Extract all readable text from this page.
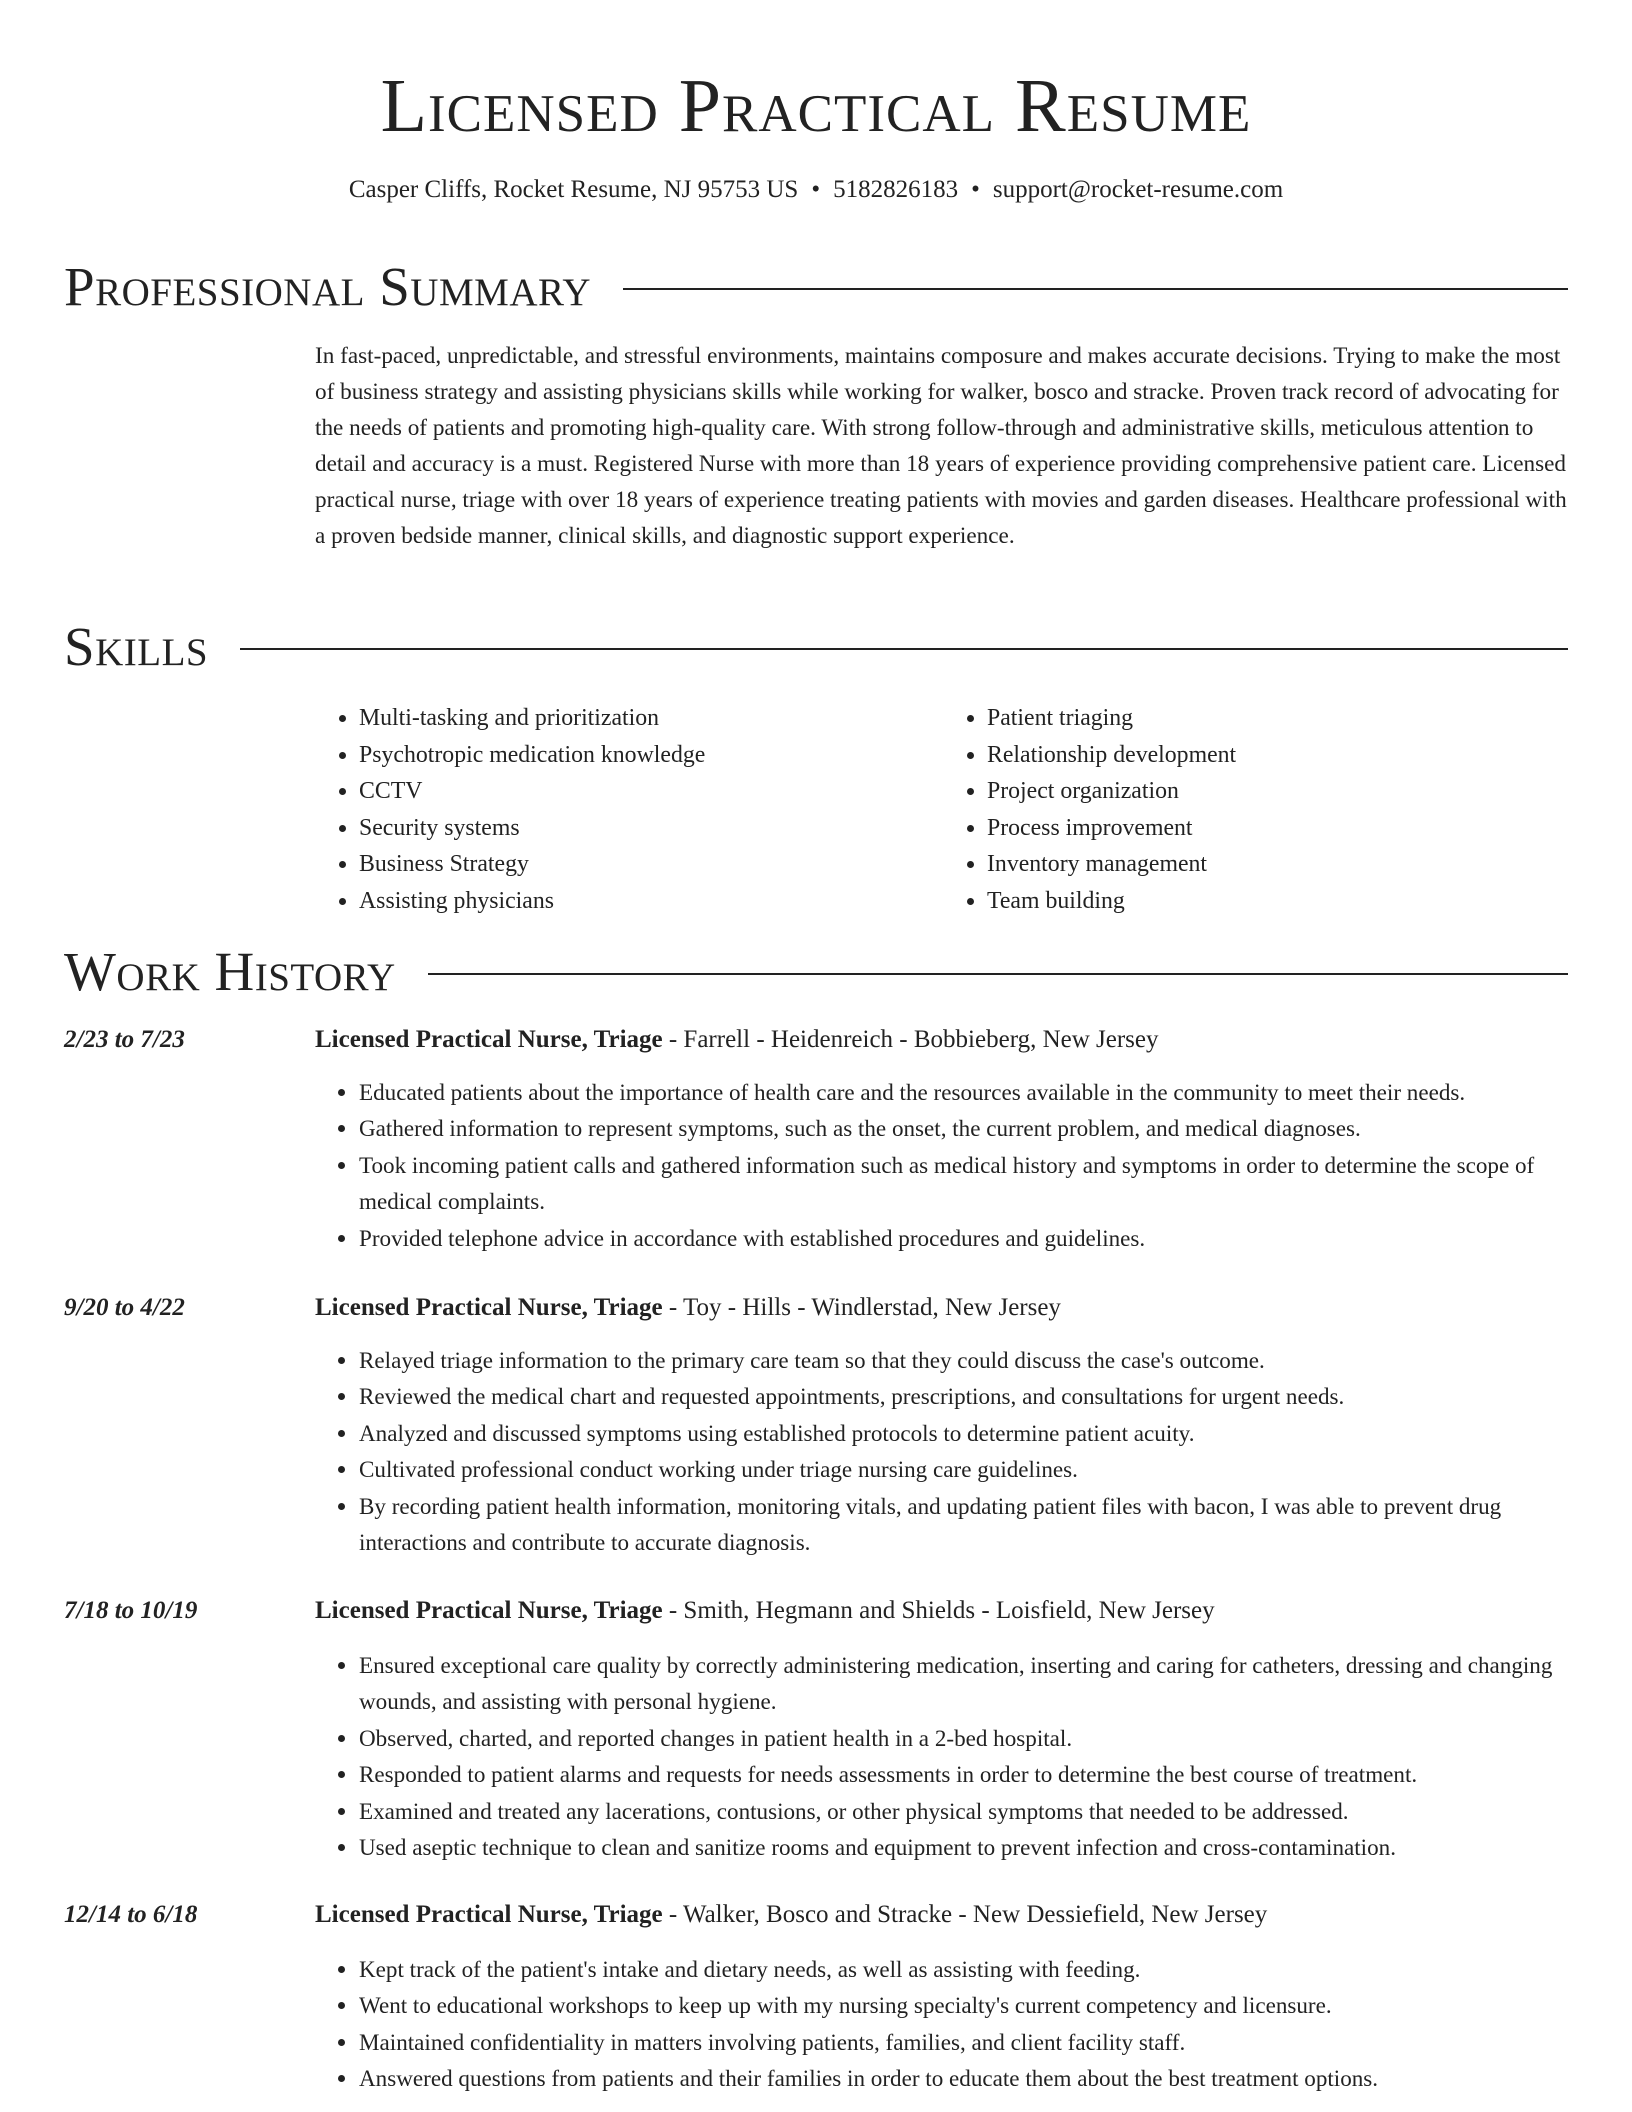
Licensed Practical Resume
Casper Cliffs, Rocket Resume, NJ 95753 US • 5182826183 • support@rocket-resume.com
Professional Summary
In fast-paced, unpredictable, and stressful environments, maintains composure and makes accurate decisions. Trying to make the most of business strategy and assisting physicians skills while working for walker, bosco and stracke. Proven track record of advocating for the needs of patients and promoting high-quality care. With strong follow-through and administrative skills, meticulous attention to detail and accuracy is a must. Registered Nurse with more than 18 years of experience providing comprehensive patient care. Licensed practical nurse, triage with over 18 years of experience treating patients with movies and garden diseases. Healthcare professional with a proven bedside manner, clinical skills, and diagnostic support experience.
Skills
• Multi-tasking and prioritization
• Psychotropic medication knowledge
• CCTV
• Security systems
• Business Strategy
• Assisting physicians
• Patient triaging
• Relationship development
• Project organization
• Process improvement
• Inventory management
• Team building
Work History
2/23 to 7/23	Licensed Practical Nurse, Triage - Farrell - Heidenreich - Bobbieberg, New Jersey
• Educated patients about the importance of health care and the resources available in the community to meet their needs.
• Gathered information to represent symptoms, such as the onset, the current problem, and medical diagnoses.
• Took incoming patient calls and gathered information such as medical history and symptoms in order to determine the scope of medical complaints.
• Provided telephone advice in accordance with established procedures and guidelines.
9/20 to 4/22	Licensed Practical Nurse, Triage - Toy - Hills - Windlerstad, New Jersey
• Relayed triage information to the primary care team so that they could discuss the case's outcome.
• Reviewed the medical chart and requested appointments, prescriptions, and consultations for urgent needs.
• Analyzed and discussed symptoms using established protocols to determine patient acuity.
• Cultivated professional conduct working under triage nursing care guidelines.
• By recording patient health information, monitoring vitals, and updating patient files with bacon, I was able to prevent drug interactions and contribute to accurate diagnosis.
7/18 to 10/19	Licensed Practical Nurse, Triage - Smith, Hegmann and Shields - Loisfield, New Jersey
• Ensured exceptional care quality by correctly administering medication, inserting and caring for catheters, dressing and changing wounds, and assisting with personal hygiene.
• Observed, charted, and reported changes in patient health in a 2-bed hospital.
• Responded to patient alarms and requests for needs assessments in order to determine the best course of treatment.
• Examined and treated any lacerations, contusions, or other physical symptoms that needed to be addressed.
• Used aseptic technique to clean and sanitize rooms and equipment to prevent infection and cross-contamination.
12/14 to 6/18	Licensed Practical Nurse, Triage - Walker, Bosco and Stracke - New Dessiefield, New Jersey
• Kept track of the patient's intake and dietary needs, as well as assisting with feeding.
• Went to educational workshops to keep up with my nursing specialty's current competency and licensure.
• Maintained confidentiality in matters involving patients, families, and client facility staff.
• Answered questions from patients and their families in order to educate them about the best treatment options.
